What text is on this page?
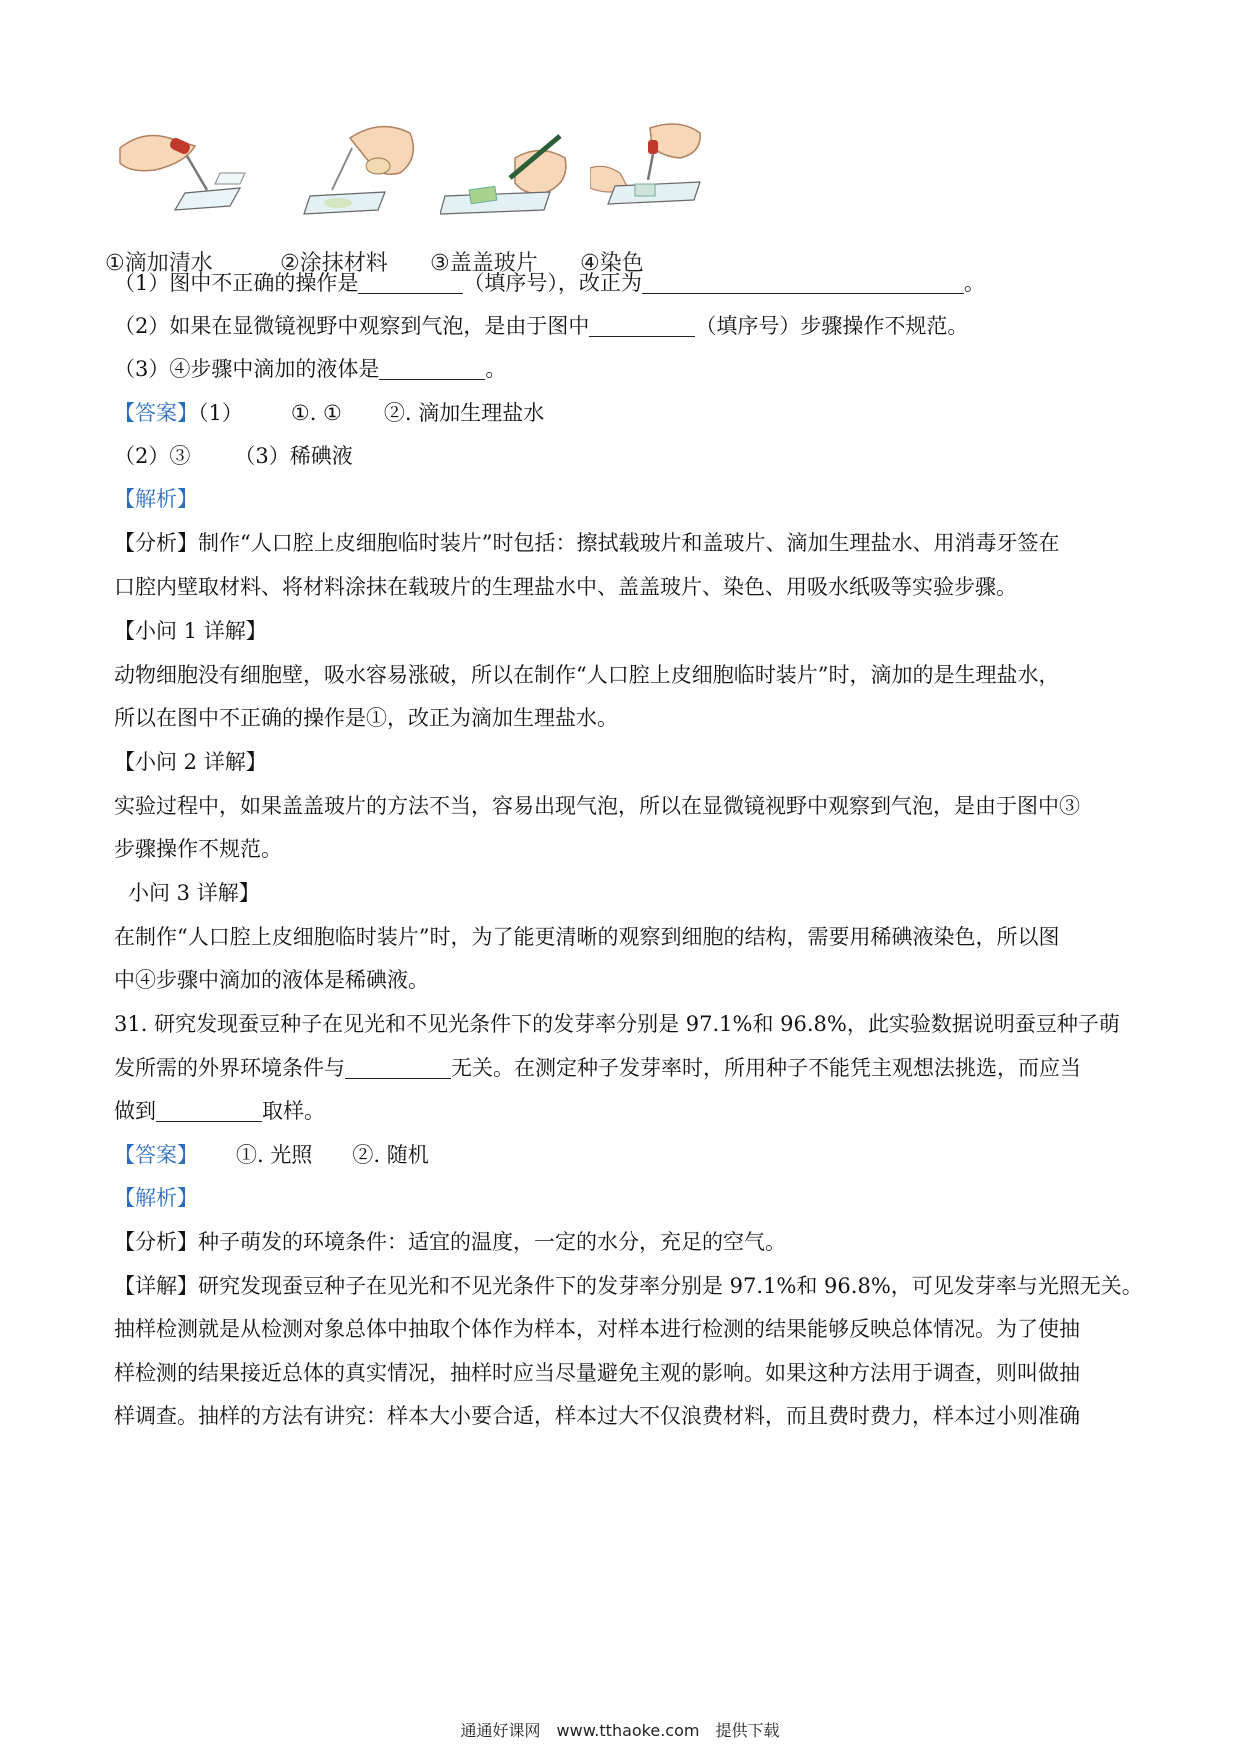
①滴加清水	②涂抹材料	③盖盖玻片	④染色
（1）图中不正确的操作是	（填序号），改正为	。
（2）如果在显微镜视野中观察到气泡，是由于图中	（填序号）步骤操作不规范。
（3）④步骤中滴加的液体是	。
【答案】（1） ①. ① ②. 滴加生理盐水
（2）③ （3）稀碘液
【解析】
【分析】制作“人口腔上皮细胞临时装片”时包括：擦拭载玻片和盖玻片、滴加生理盐水、用消毒牙签在
口腔内壁取材料、将材料涂抹在载玻片的生理盐水中、盖盖玻片、染色、用吸水纸吸等实验步骤。
【小问 1 详解】
动物细胞没有细胞壁，吸水容易涨破，所以在制作“人口腔上皮细胞临时装片”时，滴加的是生理盐水，
所以在图中不正确的操作是①，改正为滴加生理盐水。
【小问 2 详解】
实验过程中，如果盖盖玻片的方法不当，容易出现气泡，所以在显微镜视野中观察到气泡，是由于图中③
步骤操作不规范。
小问 3 详解】
在制作“人口腔上皮细胞临时装片”时，为了能更清晰的观察到细胞的结构，需要用稀碘液染色，所以图
中④步骤中滴加的液体是稀碘液。
31. 研究发现蚕豆种子在见光和不见光条件下的发芽率分别是 97.1%和 96.8%，此实验数据说明蚕豆种子萌
发所需的外界环境条件与	无关。在测定种子发芽率时，所用种子不能凭主观想法挑选，而应当
做到	取样。
【答案】 ①. 光照 ②. 随机
【解析】
【分析】种子萌发的环境条件：适宜的温度，一定的水分，充足的空气。
【详解】研究发现蚕豆种子在见光和不见光条件下的发芽率分别是 97.1%和 96.8%，可见发芽率与光照无关。
抽样检测就是从检测对象总体中抽取个体作为样本，对样本进行检测的结果能够反映总体情况。为了使抽
样检测的结果接近总体的真实情况，抽样时应当尽量避免主观的影响。如果这种方法用于调查，则叫做抽
样调查。抽样的方法有讲究：样本大小要合适，样本过大不仅浪费材料，而且费时费力，样本过小则准确
通通好课网　www.tthaoke.com　提供下载
